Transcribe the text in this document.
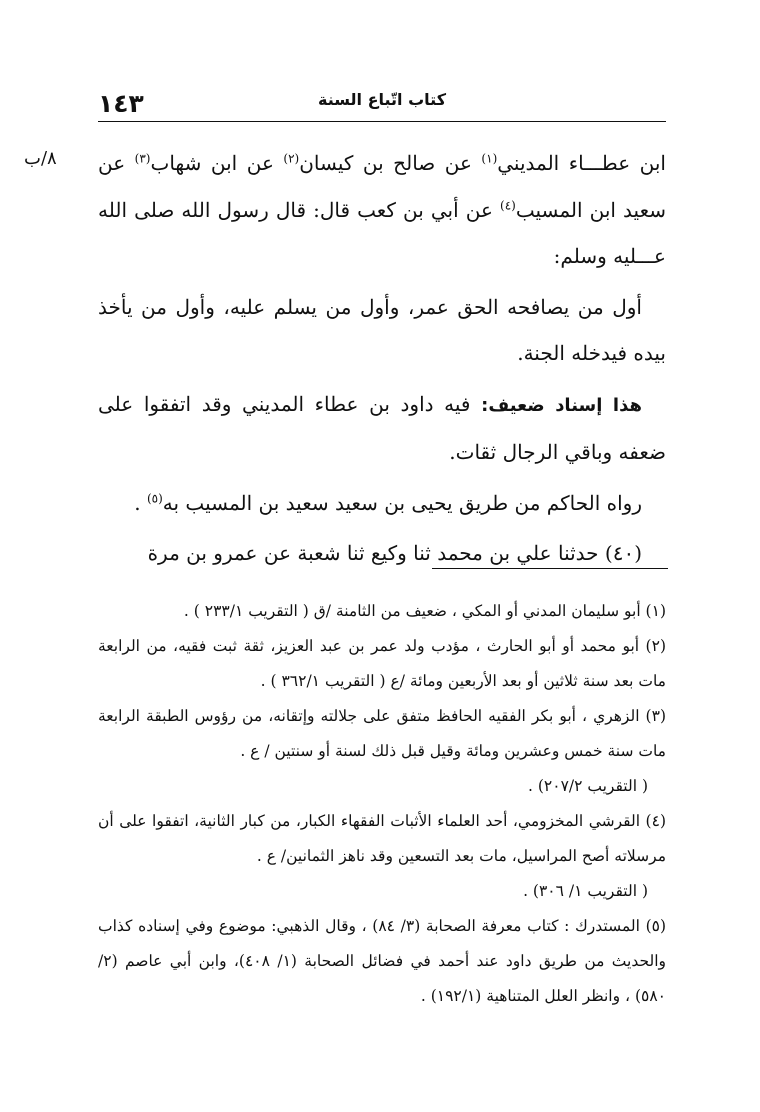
١٤٣	كتاب اتّباع السنة
٨/ب	ابن عطـــاء المديني$^{(١)}$ عن صالح بن كيسان$^{(٢)}$ عن ابن شهاب$^{(٣)}$ عن سعيد ابن المسيب$^{(٤)}$ عن أبي بن كعب قال: قال رسول الله صلى الله عـــليه وسلم:

أول من يصافحه الحق عمر، وأول من يسلم عليه، وأول من يأخذ بيده فيدخله الجنة.

هذا إسناد ضعيف: فيه داود بن عطاء المديني وقد اتفقوا على ضعفه وباقي الرجال ثقات.

رواه الحاكم من طريق يحيى بن سعيد سعيد بن المسيب به$^{(٥)}$ .

(٤٠) حدثنا علي بن محمد ثنا وكيع ثنا شعبة عن عمرو بن مرة

(١) أبو سليمان المدني أو المكي ، ضعيف من الثامنة /ق ( التقريب ٢٣٣/١ ) .

(٢) أبو محمد أو أبو الحارث ، مؤدب ولد عمر بن عبد العزيز، ثقة ثبت فقيه، من الرابعة مات بعد سنة ثلاثين أو بعد الأربعين ومائة /ع ( التقريب ٣٦٢/١ ) .

(٣) الزهري ، أبو بكر الفقيه الحافظ متفق على جلالته وإتقانه، من رؤوس الطبقة الرابعة مات سنة خمس وعشرين ومائة وقيل قبل ذلك لسنة أو سنتين / ع .

( التقريب ٢٠٧/٢) .

(٤) القرشي المخزومي، أحد العلماء الأثبات الفقهاء الكبار، من كبار الثانية، اتفقوا على أن مرسلاته أصح المراسيل، مات بعد التسعين وقد ناهز الثمانين/ ع .

( التقريب ١/ ٣٠٦) .

(٥) المستدرك : كتاب معرفة الصحابة (٣/ ٨٤) ، وقال الذهبي: موضوع وفي إسناده كذاب والحديث من طريق داود عند أحمد في فضائل الصحابة (١/ ٤٠٨)، وابن أبي عاصم (٢/ ٥٨٠) ، وانظر العلل المتناهية (١٩٢/١) .
